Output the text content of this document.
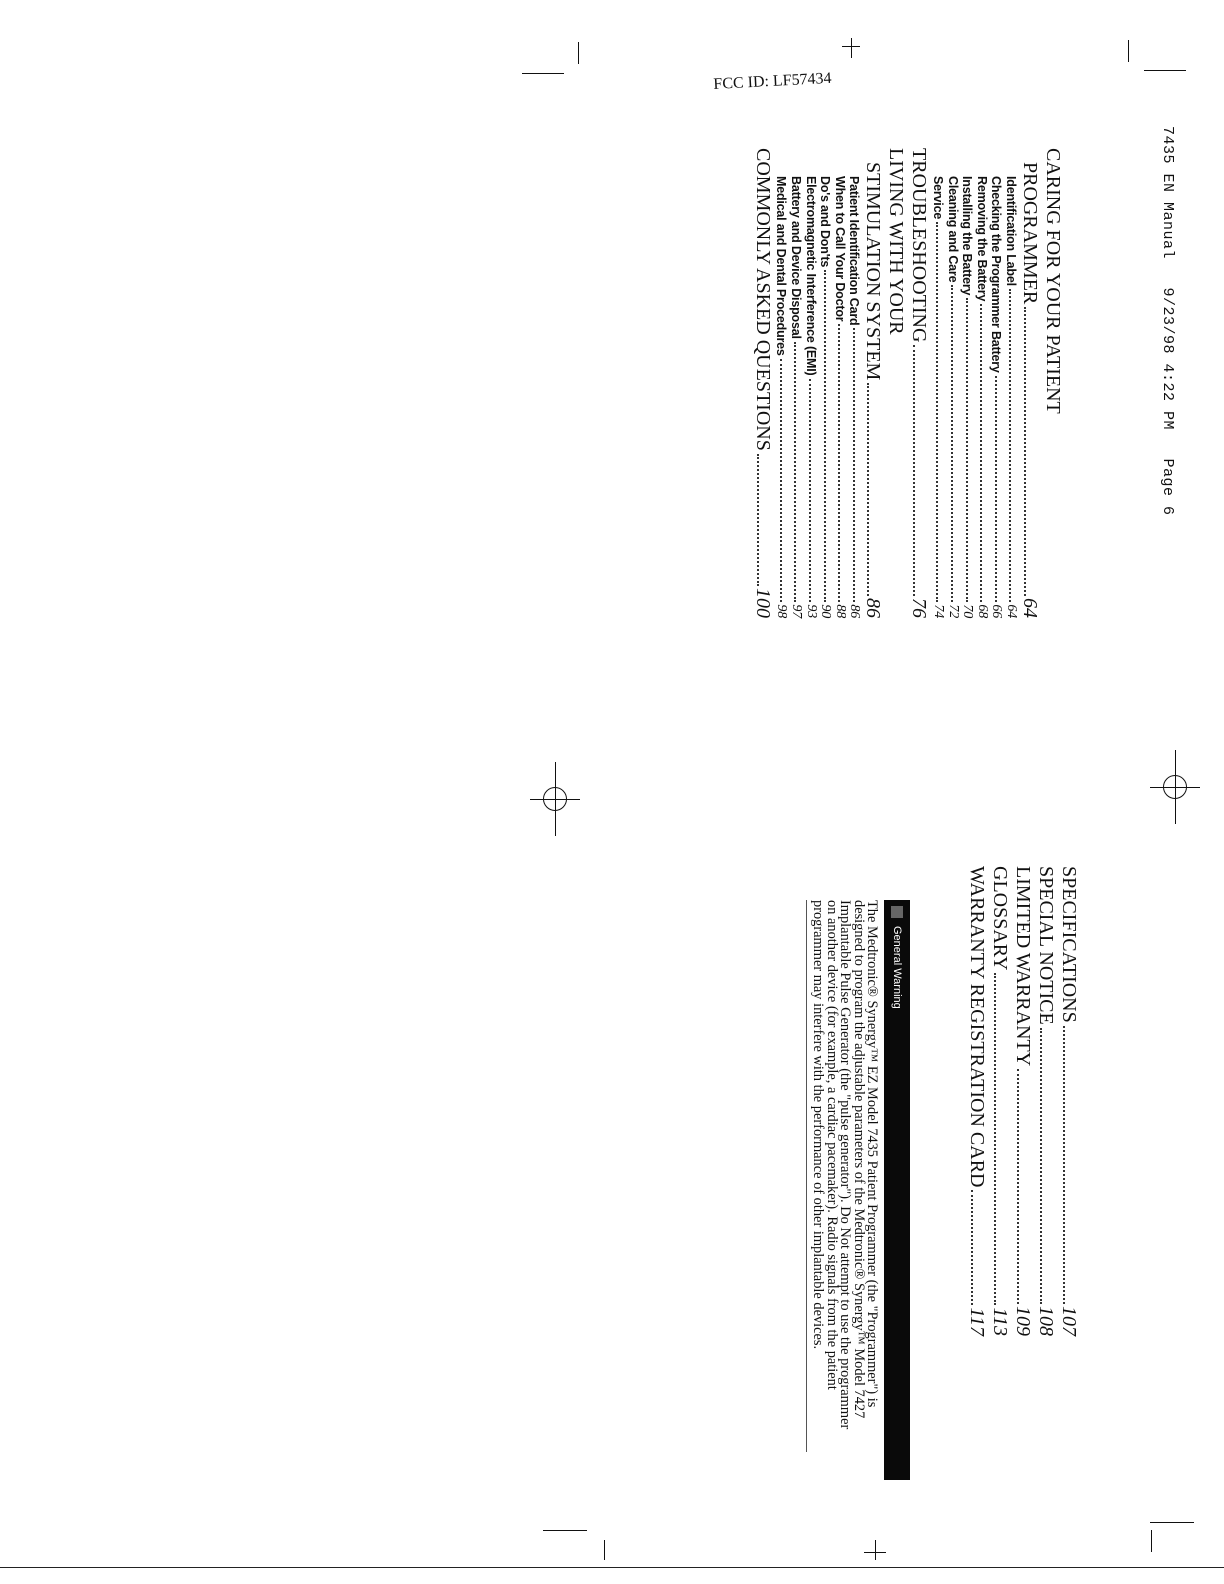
7435 EN Manual   9/23/98 4:22 PM   Page 6
FCC ID: LF57434
CARING FOR YOUR PATIENT
PROGRAMMER
64
Identification Label
64
Checking the Programmer Battery
66
Removing the Battery
68
Installing the Battery
70
Cleaning and Care
72
Service
74
TROUBLESHOOTING
76
LIVING WITH YOUR
STIMULATION SYSTEM
86
Patient Identification Card
86
When to Call Your Doctor
88
Do's and Don'ts
90
Electromagnetic Interference (EMI)
93
Battery and Device Disposal
97
Medical and Dental Procedures
98
COMMONLY ASKED QUESTIONS
100
SPECIFICATIONS
107
SPECIAL NOTICE
108
LIMITED WARRANTY
109
GLOSSARY
113
WARRANTY REGISTRATION CARD
117
General Warning
The Medtronic® Synergy™ EZ Model 7435 Patient Programmer (the "Programmer") is designed to program the adjustable parameters of the Medtronic® Synergy™ Model 7427 Implantable Pulse Generator (the "pulse generator"). Do Not attempt to use the programmer on another device (for example, a cardiac pacemaker). Radio signals from the patient programmer may interfere with the performance of other implantable devices.
